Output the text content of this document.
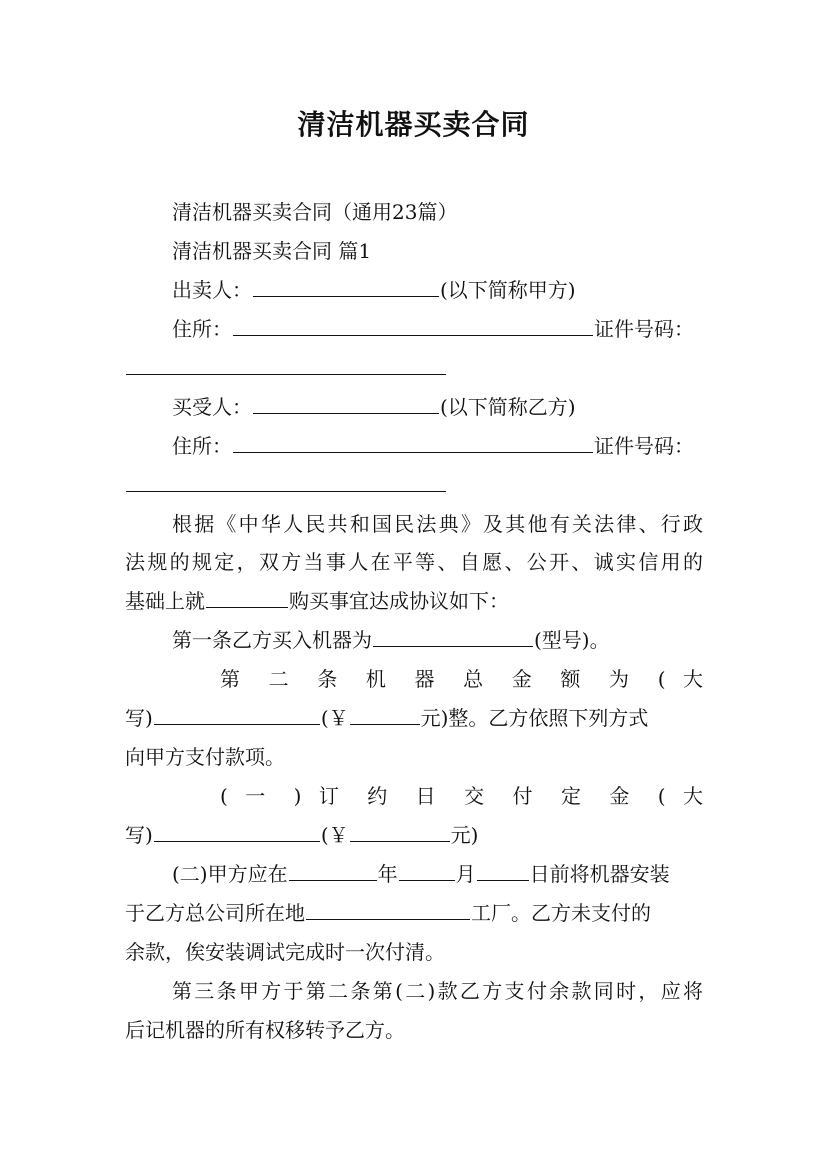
清洁机器买卖合同
清洁机器买卖合同（通用23篇）
清洁机器买卖合同 篇1
出卖人：	(以下简称甲方)
住所：	证件号码：
买受人：	(以下简称乙方)
住所：	证件号码：
根据《中华人民共和国民法典》及其他有关法律、行政
法规的规定，双方当事人在平等、自愿、公开、诚实信用的
基础上就	购买事宜达成协议如下：
第一条乙方买入机器为	(型号)。
第 二 条 机 器 总 金 额 为 ( 大
写)	(￥	元)整。乙方依照下列方式
向甲方支付款项。
( 一 ) 订 约 日 交 付 定 金 ( 大
写)	(￥	元)
(二)甲方应在	年	月	日前将机器安装
于乙方总公司所在地	工厂。乙方未支付的
余款，俟安装调试完成时一次付清。
第三条甲方于第二条第(二)款乙方支付余款同时，应将
后记机器的所有权移转予乙方。
